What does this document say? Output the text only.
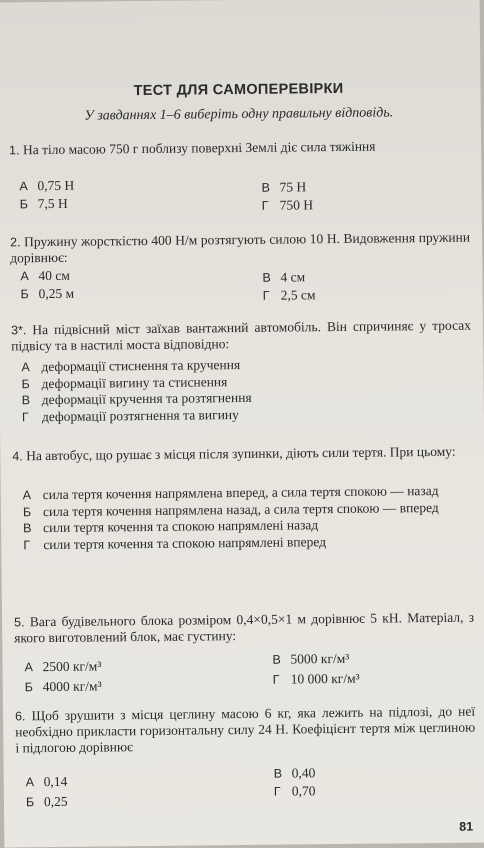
ТЕСТ ДЛЯ САМОПЕРЕВІРКИ
У завданнях 1–6 виберіть одну правильну відповідь.
1. На тіло масою 750 г поблизу поверхні Землі діє сила тяжіння
А 0,75 Н
Б 7,5 Н
В 75 Н
Г 750 Н
2. Пружину жорсткістю 400 Н/м розтягують силою 10 Н. Видовження пружини дорівнює:
А 40 см
Б 0,25 м
В 4 см
Г 2,5 см
3*. На підвісний міст заїхав вантажний автомобіль. Він спричиняє у тросах підвісу та в настилі моста відповідно:
А деформації стиснення та кручення
Б деформації вигину та стиснення
В деформації кручення та розтягнення
Г деформації розтягнення та вигину
4. На автобус, що рушає з місця після зупинки, діють сили тертя. При цьому:
А сила тертя кочення напрямлена вперед, а сила тертя спокою — назад
Б сила тертя кочення напрямлена назад, а сила тертя спокою — вперед
В сили тертя кочення та спокою напрямлені назад
Г сили тертя кочення та спокою напрямлені вперед
5. Вага будівельного блока розміром 0,4×0,5×1 м дорівнює 5 кН. Матеріал, з якого виготовлений блок, має густину:
А 2500 кг/м³
Б 4000 кг/м³
В 5000 кг/м³
Г 10 000 кг/м³
6. Щоб зрушити з місця цеглину масою 6 кг, яка лежить на підлозі, до неї необхідно прикласти горизонтальну силу 24 Н. Коефіцієнт тертя між цеглиною і підлогою дорівнює
А 0,14
Б 0,25
В 0,40
Г 0,70
81
